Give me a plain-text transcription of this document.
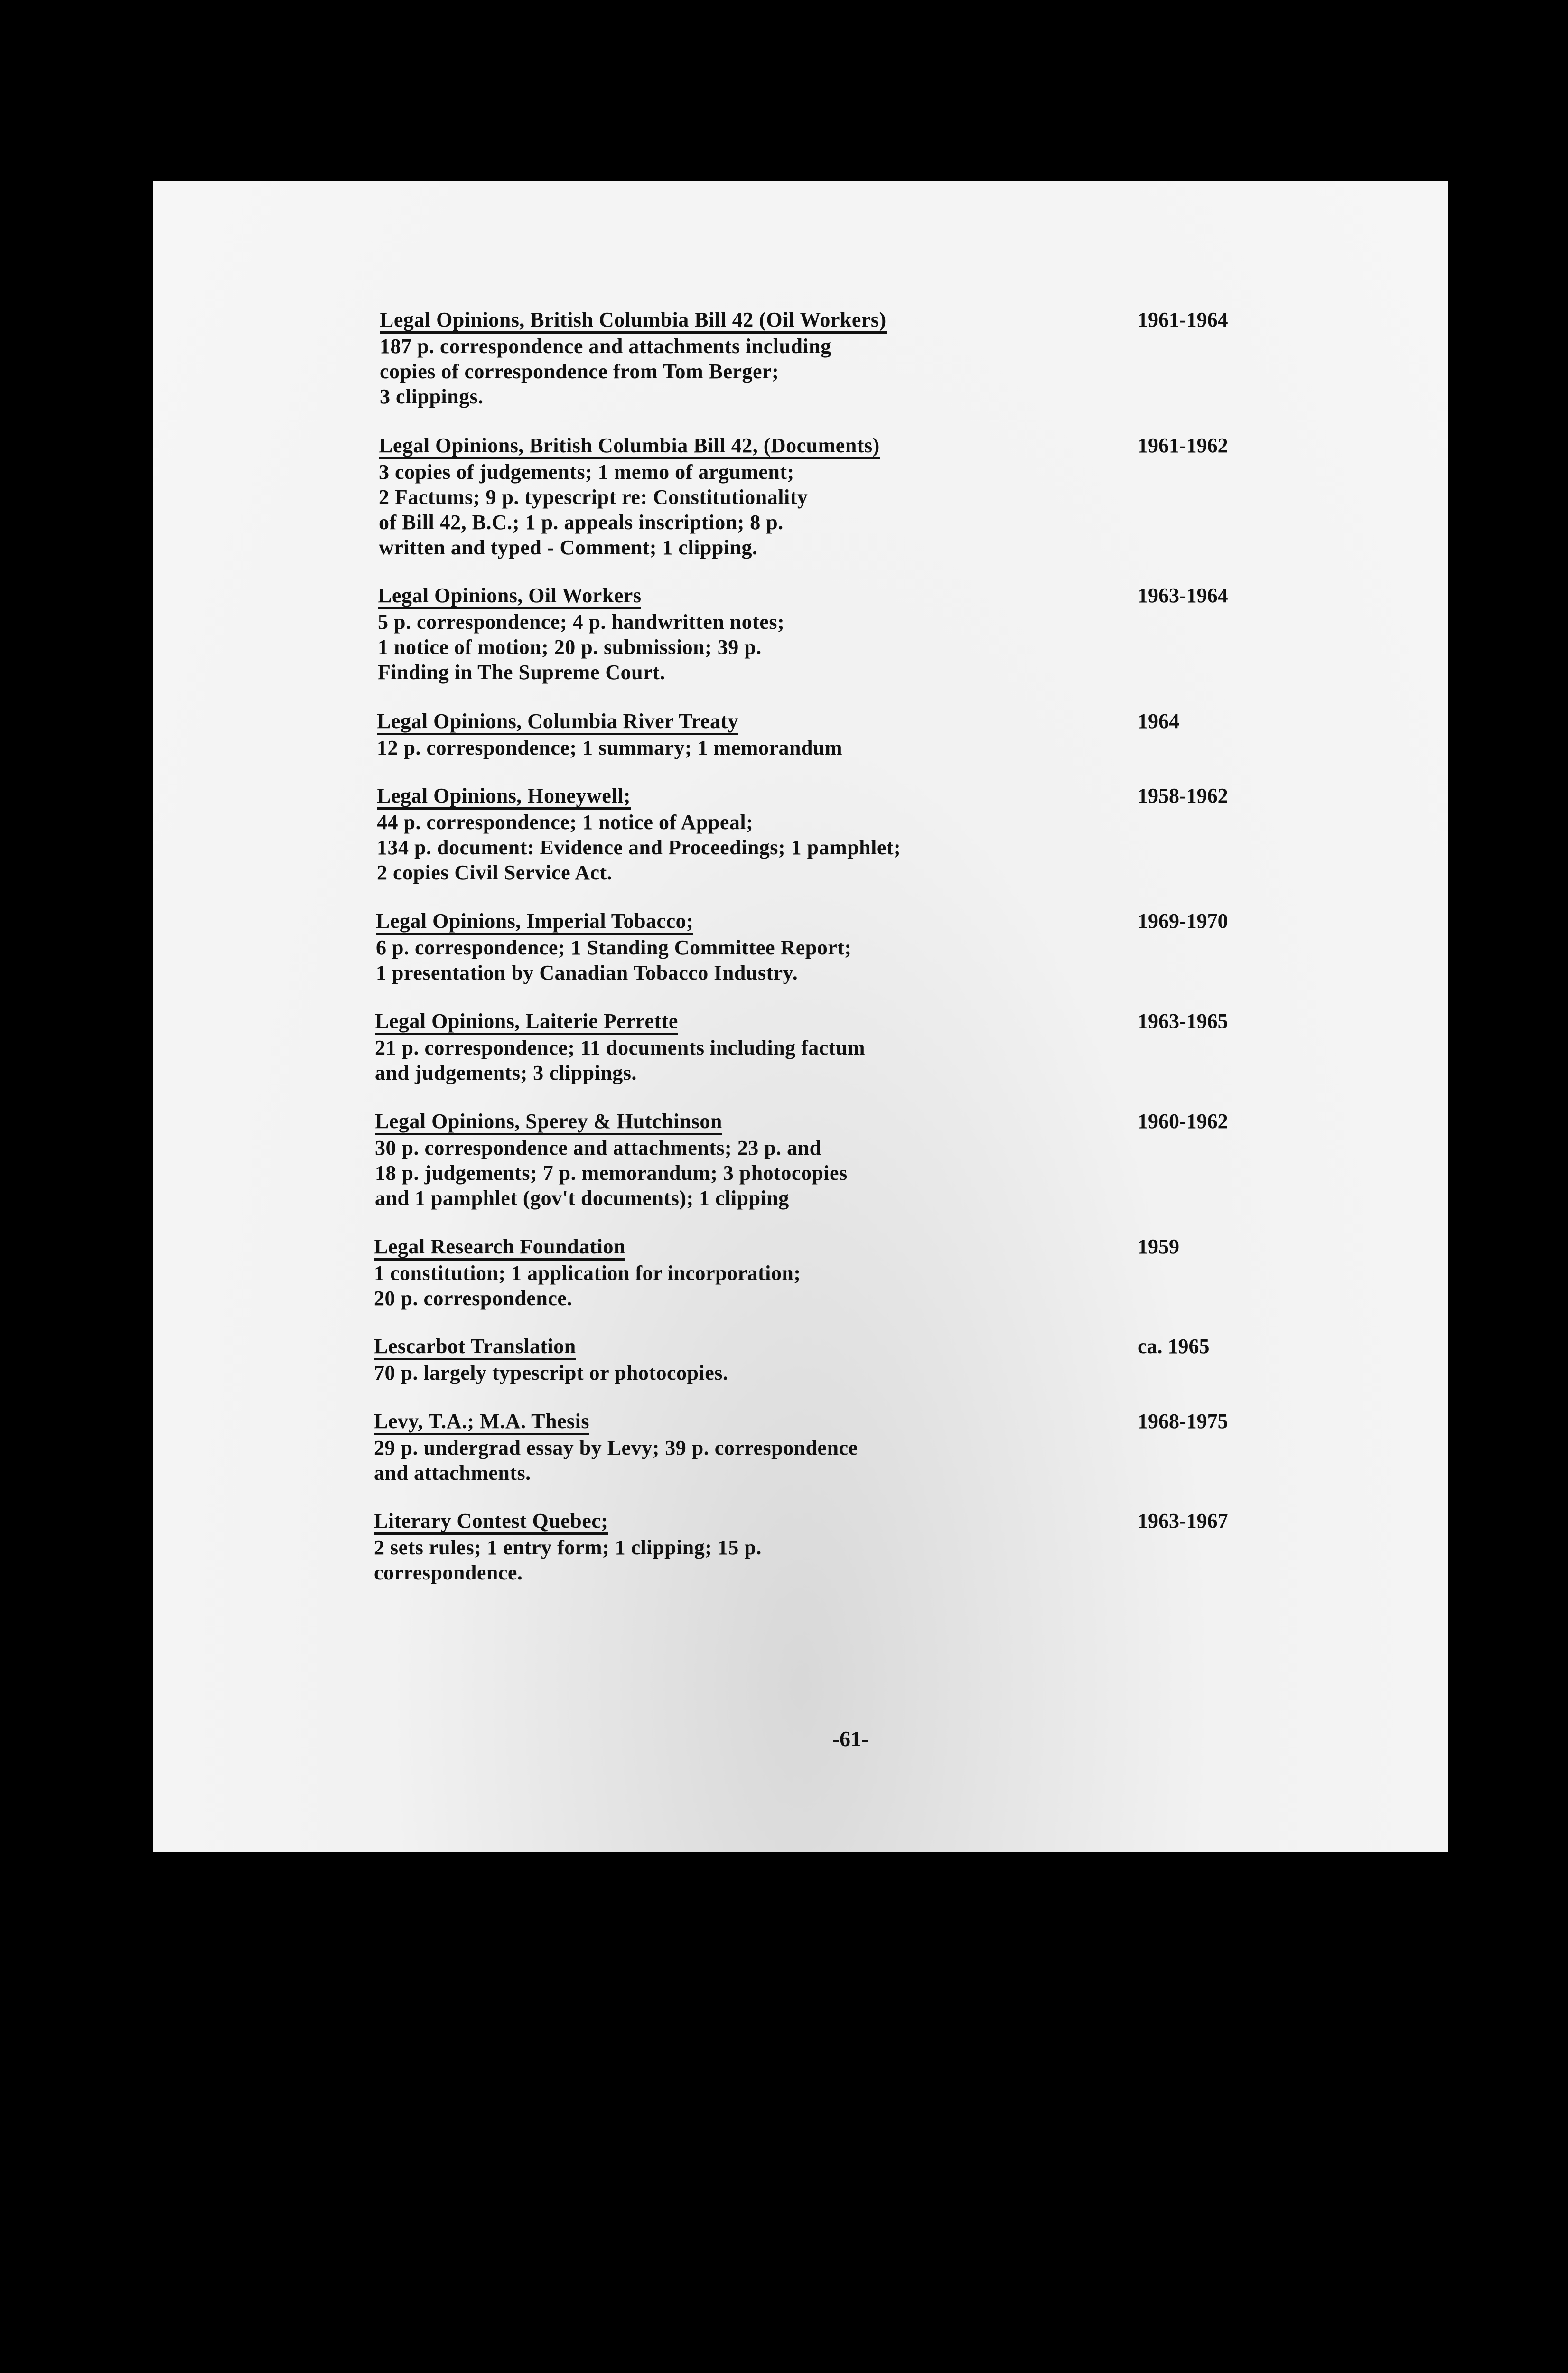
Legal Opinions, British Columbia Bill 42 (Oil Workers)
187 p. correspondence and attachments including
copies of correspondence from Tom Berger;
3 clippings.
1961-1964
Legal Opinions, British Columbia Bill 42, (Documents)
3 copies of judgements; 1 memo of argument;
2 Factums; 9 p. typescript re: Constitutionality
of Bill 42, B.C.; 1 p. appeals inscription; 8 p.
written and typed - Comment; 1 clipping.
1961-1962
Legal Opinions, Oil Workers
5 p. correspondence; 4 p. handwritten notes;
1 notice of motion; 20 p. submission; 39 p.
Finding in The Supreme Court.
1963-1964
Legal Opinions, Columbia River Treaty
12 p. correspondence; 1 summary; 1 memorandum
1964
Legal Opinions, Honeywell;
44 p. correspondence; 1 notice of Appeal;
134 p. document: Evidence and Proceedings; 1 pamphlet;
2 copies Civil Service Act.
1958-1962
Legal Opinions, Imperial Tobacco;
6 p. correspondence; 1 Standing Committee Report;
1 presentation by Canadian Tobacco Industry.
1969-1970
Legal Opinions, Laiterie Perrette
21 p. correspondence; 11 documents including factum
and judgements; 3 clippings.
1963-1965
Legal Opinions, Sperey & Hutchinson
30 p. correspondence and attachments; 23 p. and
18 p. judgements; 7 p. memorandum; 3 photocopies
and 1 pamphlet (gov't documents); 1 clipping
1960-1962
Legal Research Foundation
1 constitution; 1 application for incorporation;
20 p. correspondence.
1959
Lescarbot Translation
70 p. largely typescript or photocopies.
ca. 1965
Levy, T.A.; M.A. Thesis
29 p. undergrad essay by Levy; 39 p. correspondence
and attachments.
1968-1975
Literary Contest Quebec;
2 sets rules; 1 entry form; 1 clipping; 15 p.
correspondence.
1963-1967
-61-
